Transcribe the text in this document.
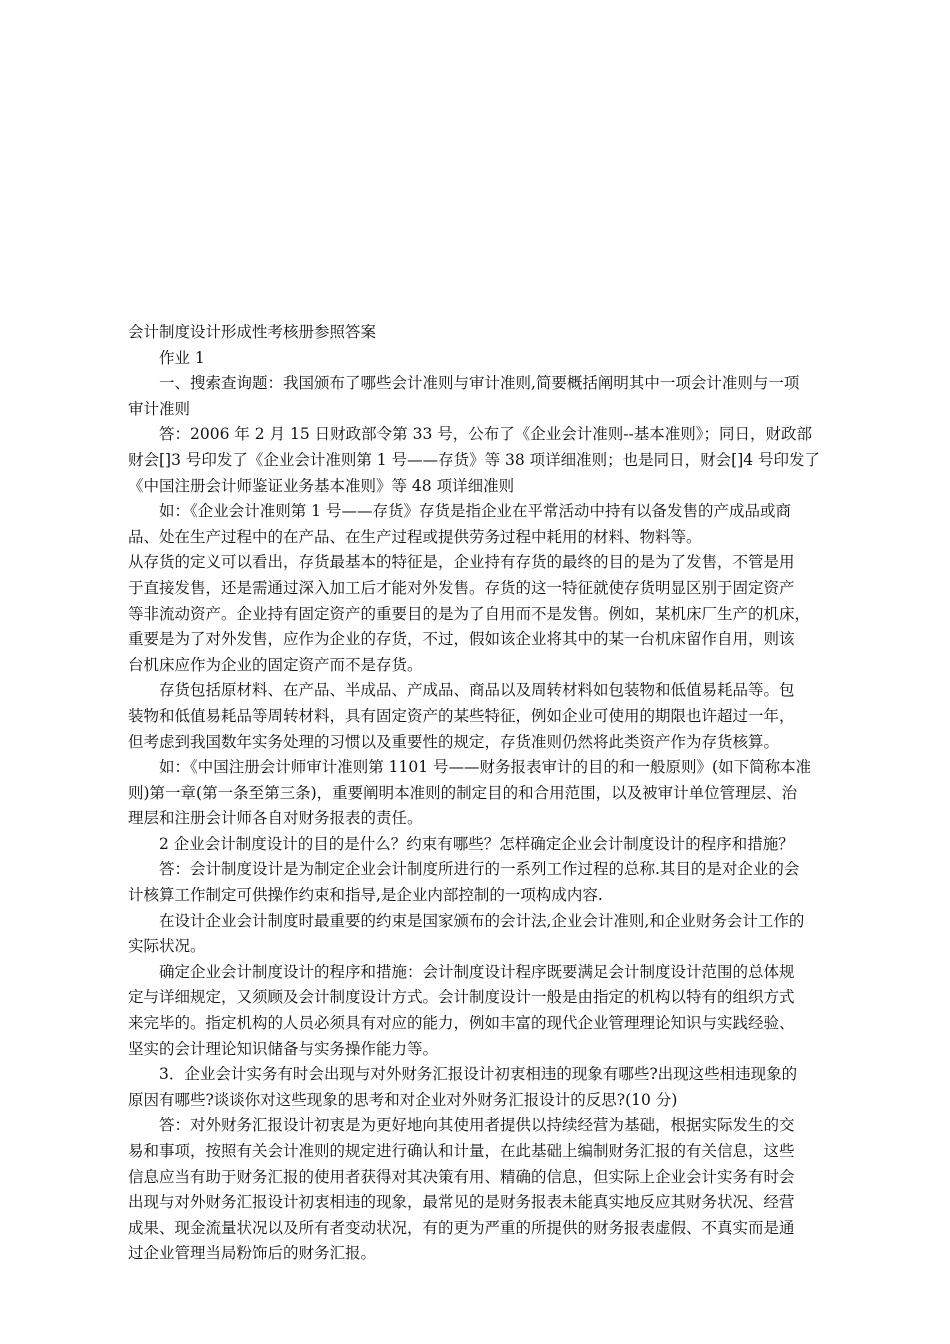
会计制度设计形成性考核册参照答案
作业 1
一、搜索查询题：我国颁布了哪些会计准则与审计准则,简要概括阐明其中一项会计准则与一项
审计准则
答：2006 年 2 月 15 日财政部令第 33 号，公布了《企业会计准则--基本准则》；同日，财政部
财会[]3 号印发了《企业会计准则第 1 号——存货》等 38 项详细准则；也是同日，财会[]4 号印发了
《中国注册会计师鉴证业务基本准则》等 48 项详细准则
如：《企业会计准则第 1 号——存货》存货是指企业在平常活动中持有以备发售的产成品或商
品、处在生产过程中的在产品、在生产过程或提供劳务过程中耗用的材料、物料等。
从存货的定义可以看出，存货最基本的特征是，企业持有存货的最终的目的是为了发售，不管是用
于直接发售，还是需通过深入加工后才能对外发售。存货的这一特征就使存货明显区别于固定资产
等非流动资产。企业持有固定资产的重要目的是为了自用而不是发售。例如，某机床厂生产的机床，
重要是为了对外发售，应作为企业的存货，不过，假如该企业将其中的某一台机床留作自用，则该
台机床应作为企业的固定资产而不是存货。
存货包括原材料、在产品、半成品、产成品、商品以及周转材料如包装物和低值易耗品等。包
装物和低值易耗品等周转材料，具有固定资产的某些特征，例如企业可使用的期限也许超过一年，
但考虑到我国数年实务处理的习惯以及重要性的规定，存货准则仍然将此类资产作为存货核算。
如：《中国注册会计师审计准则第 1101 号——财务报表审计的目的和一般原则》(如下简称本准
则)第一章(第一条至第三条)，重要阐明本准则的制定目的和合用范围，以及被审计单位管理层、治
理层和注册会计师各自对财务报表的责任。
2 企业会计制度设计的目的是什么？约束有哪些？怎样确定企业会计制度设计的程序和措施？
答：会计制度设计是为制定企业会计制度所进行的一系列工作过程的总称.其目的是对企业的会
计核算工作制定可供操作约束和指导,是企业内部控制的一项构成内容.
在设计企业会计制度时最重要的约束是国家颁布的会计法,企业会计准则,和企业财务会计工作的
实际状况。
确定企业会计制度设计的程序和措施：会计制度设计程序既要满足会计制度设计范围的总体规
定与详细规定，又须顾及会计制度设计方式。会计制度设计一般是由指定的机构以特有的组织方式
来完毕的。指定机构的人员必须具有对应的能力，例如丰富的现代企业管理理论知识与实践经验、
坚实的会计理论知识储备与实务操作能力等。
3．企业会计实务有时会出现与对外财务汇报设计初衷相违的现象有哪些?出现这些相违现象的
原因有哪些?谈谈你对这些现象的思考和对企业对外财务汇报设计的反思?(10 分)
答：对外财务汇报设计初衷是为更好地向其使用者提供以持续经营为基础，根据实际发生的交
易和事项，按照有关会计准则的规定进行确认和计量，在此基础上编制财务汇报的有关信息，这些
信息应当有助于财务汇报的使用者获得对其决策有用、精确的信息，但实际上企业会计实务有时会
出现与对外财务汇报设计初衷相违的现象，最常见的是财务报表未能真实地反应其财务状况、经营
成果、现金流量状况以及所有者变动状况，有的更为严重的所提供的财务报表虚假、不真实而是通
过企业管理当局粉饰后的财务汇报。
